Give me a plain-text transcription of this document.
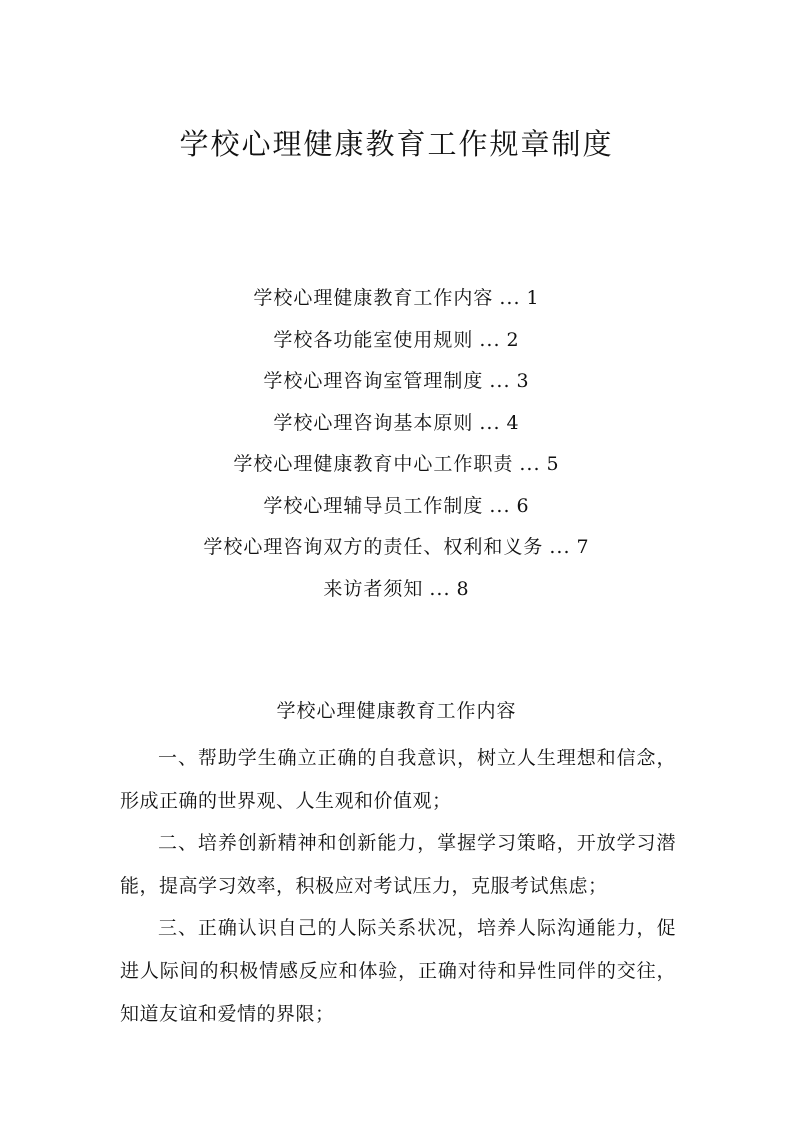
学校心理健康教育工作规章制度
学校心理健康教育工作内容 ... 1
学校各功能室使用规则 ... 2
学校心理咨询室管理制度 ... 3
学校心理咨询基本原则 ... 4
学校心理健康教育中心工作职责 ... 5
学校心理辅导员工作制度 ... 6
学校心理咨询双方的责任、权利和义务 ... 7
来访者须知 ... 8
学校心理健康教育工作内容

一、帮助学生确立正确的自我意识，树立人生理想和信念，形成正确的世界观、人生观和价值观；

二、培养创新精神和创新能力，掌握学习策略，开放学习潜能，提高学习效率，积极应对考试压力，克服考试焦虑；

三、正确认识自己的人际关系状况，培养人际沟通能力，促进人际间的积极情感反应和体验，正确对待和异性同伴的交往，知道友谊和爱情的界限；
